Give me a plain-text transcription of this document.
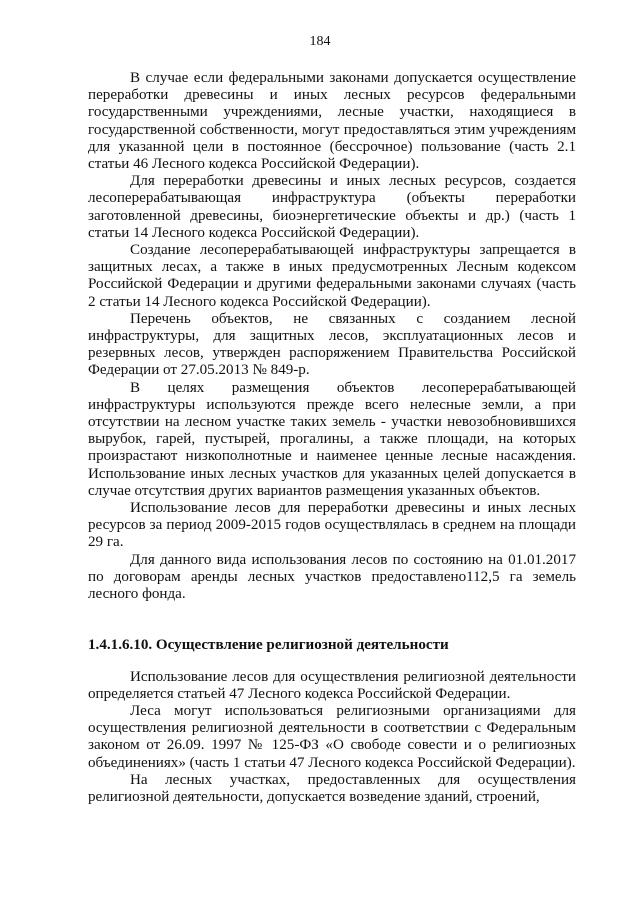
184

В случае если федеральными законами допускается осуществление переработки древесины и иных лесных ресурсов федеральными государственными учреждениями, лесные участки, находящиеся в государственной собственности, могут предоставляться этим учреждениям для указанной цели в постоянное (бессрочное) пользование (часть 2.1 статьи 46 Лесного кодекса Российской Федерации).

Для переработки древесины и иных лесных ресурсов, создается лесоперерабатывающая инфраструктура (объекты переработки заготовленной древесины, биоэнергетические объекты и др.) (часть 1 статьи 14 Лесного кодекса Российской Федерации).

Создание лесоперерабатывающей инфраструктуры запрещается в защитных лесах, а также в иных предусмотренных Лесным кодексом Российской Федерации и другими федеральными законами случаях (часть 2 статьи 14 Лесного кодекса Российской Федерации).

Перечень объектов, не связанных с созданием лесной инфраструктуры, для защитных лесов, эксплуатационных лесов и резервных лесов, утвержден распоряжением Правительства Российской Федерации от 27.05.2013 № 849-р.

В целях размещения объектов лесоперерабатывающей инфраструктуры используются прежде всего нелесные земли, а при отсутствии на лесном участке таких земель - участки невозобновившихся вырубок, гарей, пустырей, прогалины, а также площади, на которых произрастают низкополнотные и наименее ценные лесные насаждения. Использование иных лесных участков для указанных целей допускается в случае отсутствия других вариантов размещения указанных объектов.

Использование лесов для переработки древесины и иных лесных ресурсов за период 2009-2015 годов осуществлялась в среднем на площади 29 га.

Для данного вида использования лесов по состоянию на 01.01.2017 по договорам аренды лесных участков предоставлено112,5 га земель лесного фонда.

1.4.1.6.10. Осуществление религиозной деятельности

Использование лесов для осуществления религиозной деятельности определяется статьей 47 Лесного кодекса Российской Федерации.

Леса могут использоваться религиозными организациями для осуществления религиозной деятельности в соответствии с Федеральным законом от 26.09. 1997 № 125-ФЗ «О свободе совести и о религиозных объединениях» (часть 1 статьи 47 Лесного кодекса Российской Федерации).

На лесных участках, предоставленных для осуществления религиозной деятельности, допускается возведение зданий, строений,
